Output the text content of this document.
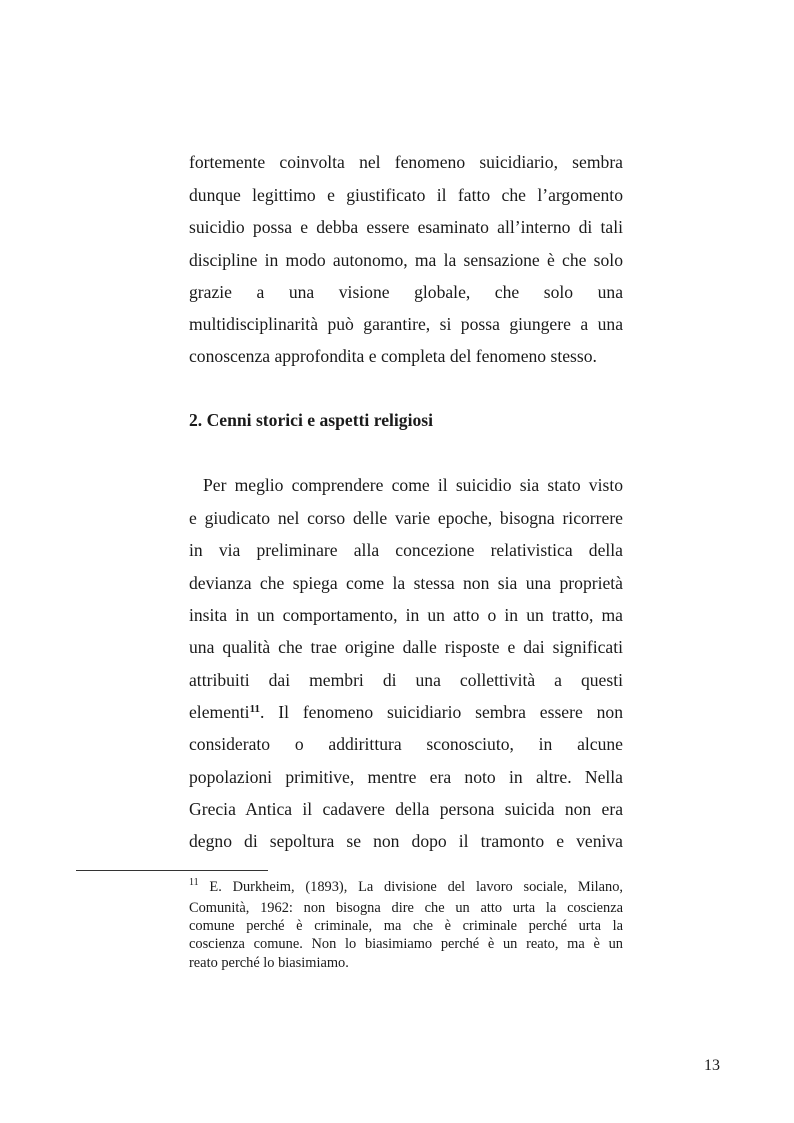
fortemente coinvolta nel fenomeno suicidiario, sembra
dunque legittimo e giustificato il fatto che l’argomento
suicidio possa e debba essere esaminato all’interno di tali
discipline in modo autonomo, ma la sensazione è che solo
grazie a una visione globale, che solo una
multidisciplinarità può garantire, si possa giungere a una
conoscenza approfondita e completa del fenomeno stesso.
2. Cenni storici e aspetti religiosi
Per meglio comprendere come il suicidio sia stato visto
e giudicato nel corso delle varie epoche, bisogna ricorrere
in via preliminare alla concezione relativistica della
devianza che spiega come la stessa non sia una proprietà
insita in un comportamento, in un atto o in un tratto, ma
una qualità che trae origine dalle risposte e dai significati
attribuiti dai membri di una collettività a questi
elementi$^{11}$. Il fenomeno suicidiario sembra essere non
considerato o addirittura sconosciuto, in alcune
popolazioni primitive, mentre era noto in altre. Nella
Grecia Antica il cadavere della persona suicida non era
degno di sepoltura se non dopo il tramonto e veniva
$^{11}$ E. Durkheim, (1893), La divisione del lavoro sociale, Milano,
Comunità, 1962: non bisogna dire che un atto urta la coscienza
comune perché è criminale, ma che è criminale perché urta la
coscienza comune. Non lo biasimiamo perché è un reato, ma è un
reato perché lo biasimiamo.
13
